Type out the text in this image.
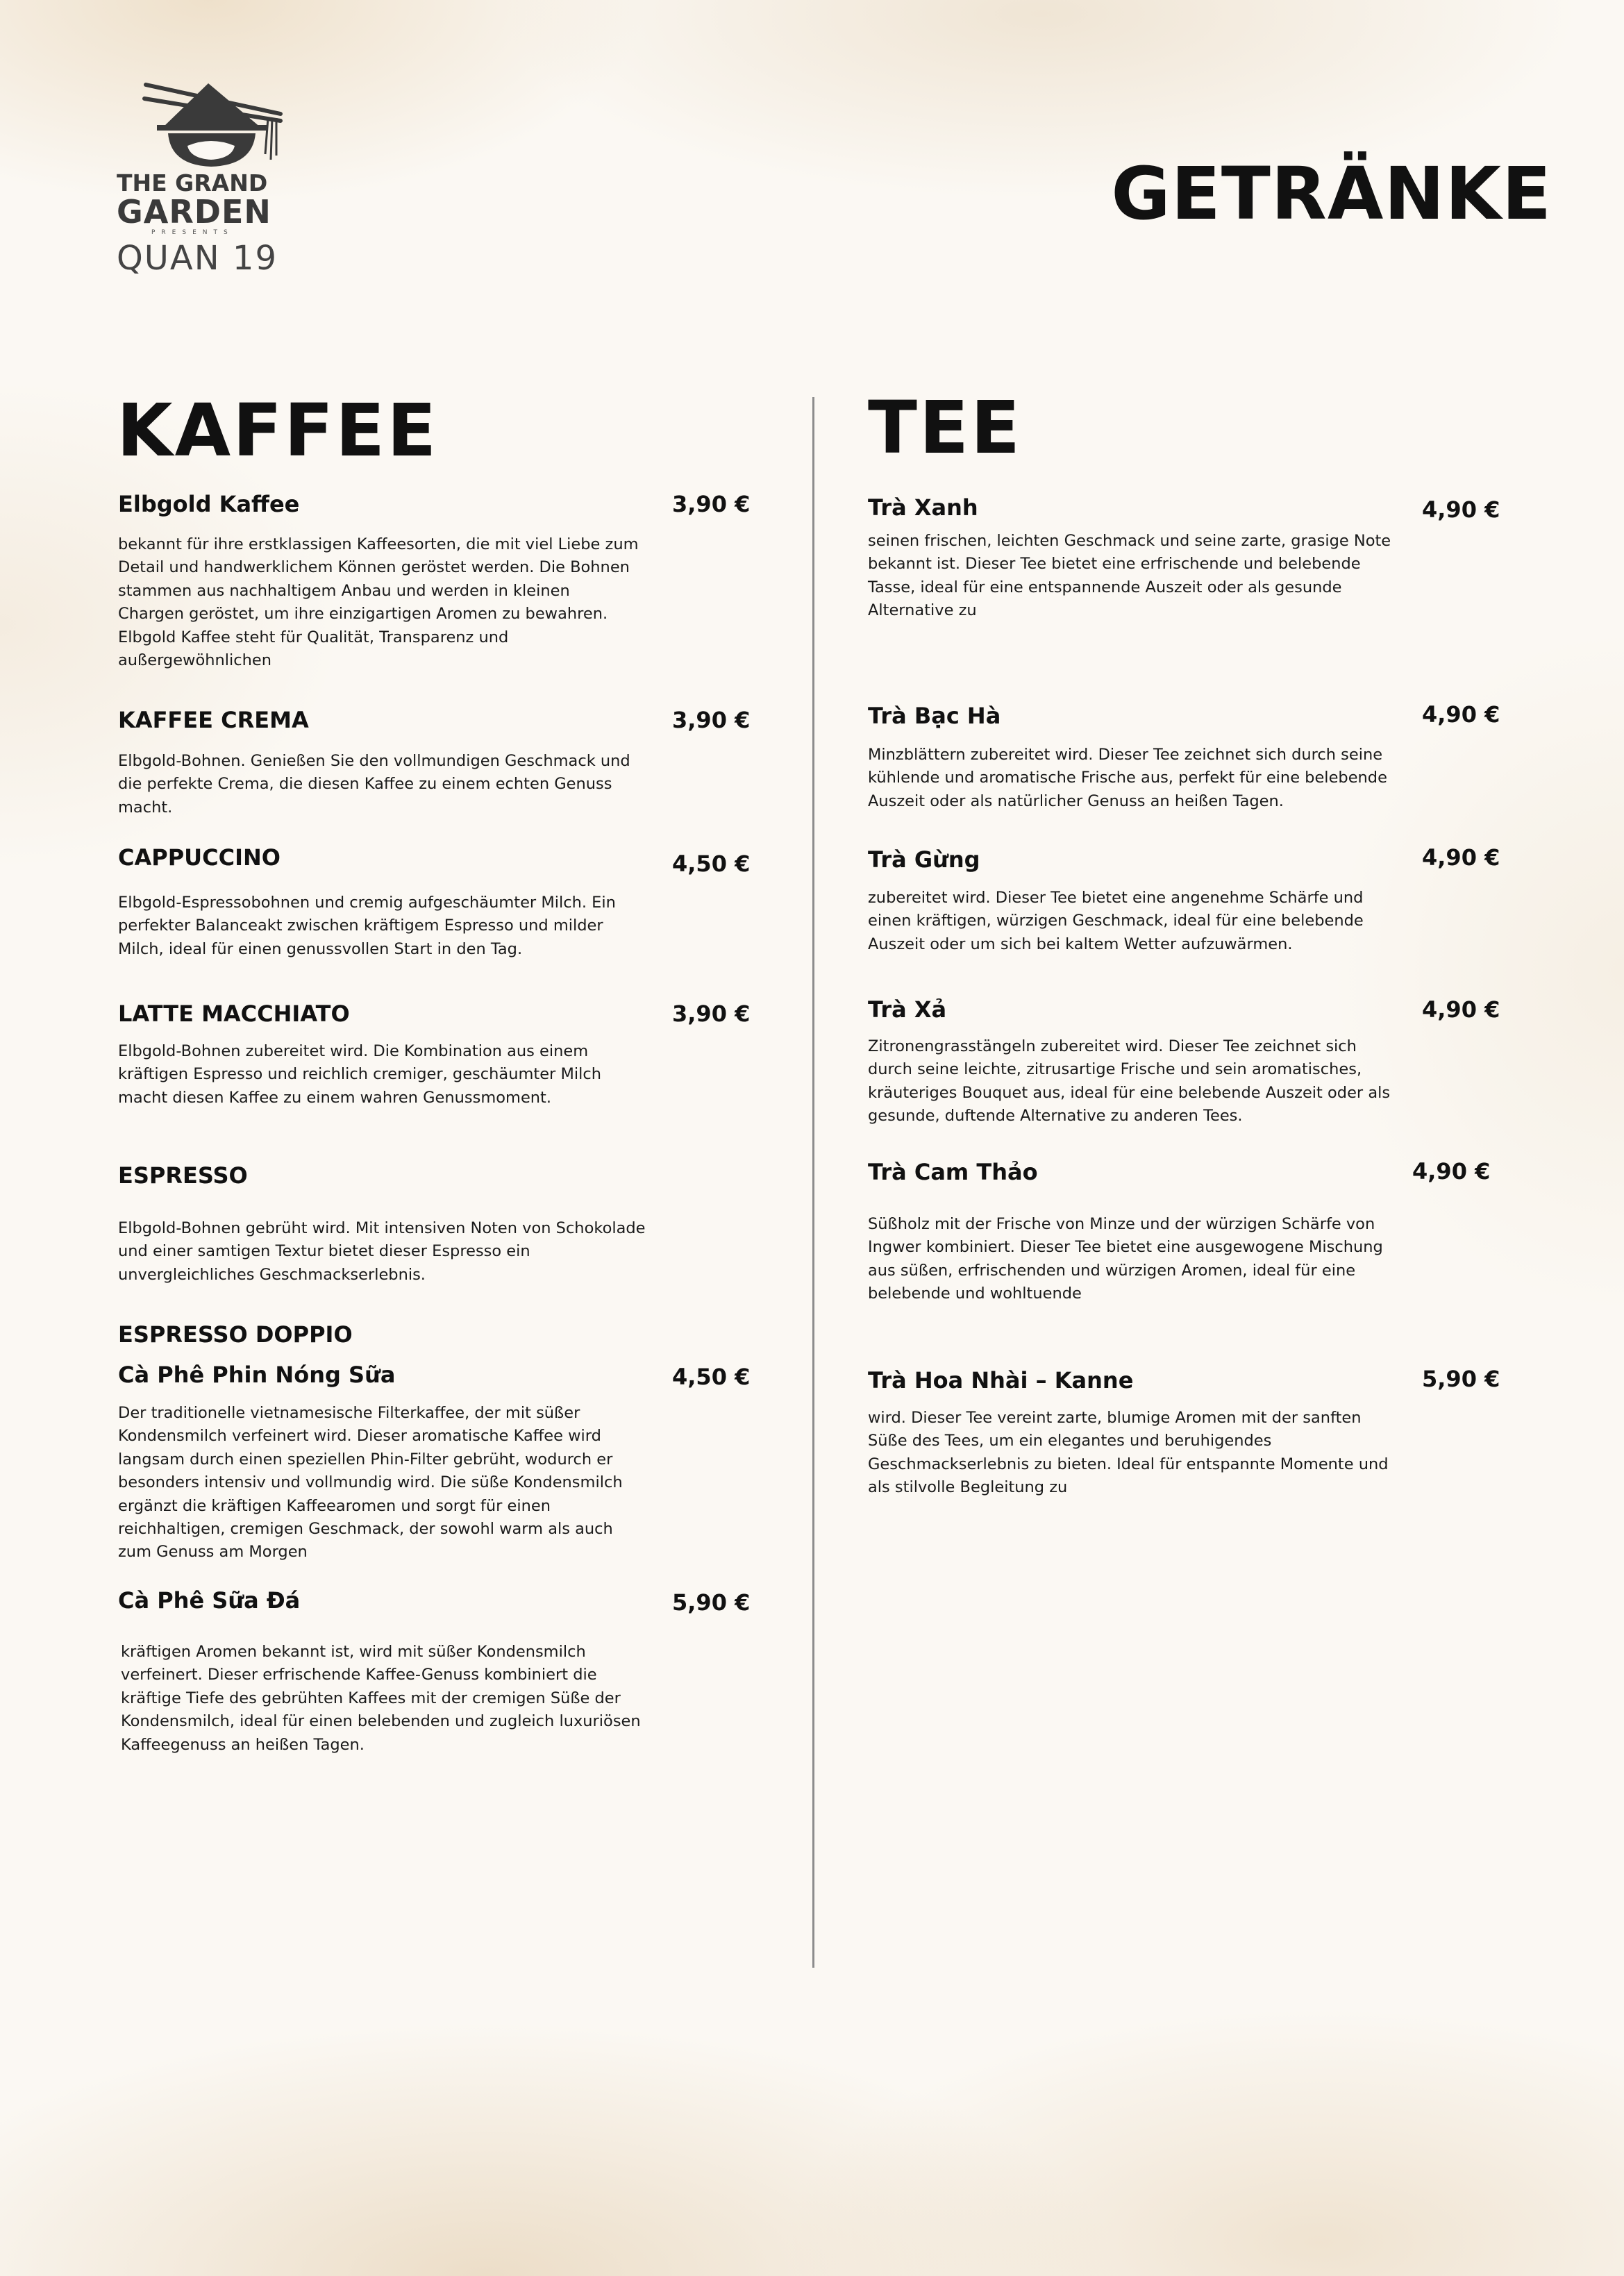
THE GRAND
GARDEN
PRESENTS
QUAN 19
GETRÄNKE
KAFFEE
Elbgold Kaffee	3,90 €

bekannt für ihre erstklassigen Kaffeesorten, die mit viel Liebe zum
Detail und handwerklichem Können geröstet werden. Die Bohnen
stammen aus nachhaltigem Anbau und werden in kleinen
Chargen geröstet, um ihre einzigartigen Aromen zu bewahren.
Elbgold Kaffee steht für Qualität, Transparenz und
außergewöhnlichen

KAFFEE CREMA	3,90 €

Elbgold-Bohnen. Genießen Sie den vollmundigen Geschmack und
die perfekte Crema, die diesen Kaffee zu einem echten Genuss
macht.

CAPPUCCINO	4,50 €

Elbgold-Espressobohnen und cremig aufgeschäumter Milch. Ein
perfekter Balanceakt zwischen kräftigem Espresso und milder
Milch, ideal für einen genussvollen Start in den Tag.

LATTE MACCHIATO	3,90 €

Elbgold-Bohnen zubereitet wird. Die Kombination aus einem
kräftigen Espresso und reichlich cremiger, geschäumter Milch
macht diesen Kaffee zu einem wahren Genussmoment.

ESPRESSO

Elbgold-Bohnen gebrüht wird. Mit intensiven Noten von Schokolade
und einer samtigen Textur bietet dieser Espresso ein
unvergleichliches Geschmackserlebnis.

ESPRESSO DOPPIO
Cà Phê Phin Nóng Sữa	4,50 €

Der traditionelle vietnamesische Filterkaffee, der mit süßer
Kondensmilch verfeinert wird. Dieser aromatische Kaffee wird
langsam durch einen speziellen Phin-Filter gebrüht, wodurch er
besonders intensiv und vollmundig wird. Die süße Kondensmilch
ergänzt die kräftigen Kaffeearomen und sorgt für einen
reichhaltigen, cremigen Geschmack, der sowohl warm als auch
zum Genuss am Morgen

Cà Phê Sữa Đá	5,90 €

kräftigen Aromen bekannt ist, wird mit süßer Kondensmilch
verfeinert. Dieser erfrischende Kaffee-Genuss kombiniert die
kräftige Tiefe des gebrühten Kaffees mit der cremigen Süße der
Kondensmilch, ideal für einen belebenden und zugleich luxuriösen
Kaffeegenuss an heißen Tagen.

TEE
Trà Xanh	4,90 €

seinen frischen, leichten Geschmack und seine zarte, grasige Note
bekannt ist. Dieser Tee bietet eine erfrischende und belebende
Tasse, ideal für eine entspannende Auszeit oder als gesunde
Alternative zu

Trà Bạc Hà	4,90 €

Minzblättern zubereitet wird. Dieser Tee zeichnet sich durch seine
kühlende und aromatische Frische aus, perfekt für eine belebende
Auszeit oder als natürlicher Genuss an heißen Tagen.

Trà Gừng	4,90 €

zubereitet wird. Dieser Tee bietet eine angenehme Schärfe und
einen kräftigen, würzigen Geschmack, ideal für eine belebende
Auszeit oder um sich bei kaltem Wetter aufzuwärmen.

Trà Xả	4,90 €

Zitronengrasstängeln zubereitet wird. Dieser Tee zeichnet sich
durch seine leichte, zitrusartige Frische und sein aromatisches,
kräuteriges Bouquet aus, ideal für eine belebende Auszeit oder als
gesunde, duftende Alternative zu anderen Tees.

Trà Cam Thảo	4,90 €

Süßholz mit der Frische von Minze und der würzigen Schärfe von
Ingwer kombiniert. Dieser Tee bietet eine ausgewogene Mischung
aus süßen, erfrischenden und würzigen Aromen, ideal für eine
belebende und wohltuende

Trà Hoa Nhài – Kanne	5,90 €

wird. Dieser Tee vereint zarte, blumige Aromen mit der sanften
Süße des Tees, um ein elegantes und beruhigendes
Geschmackserlebnis zu bieten. Ideal für entspannte Momente und
als stilvolle Begleitung zu
